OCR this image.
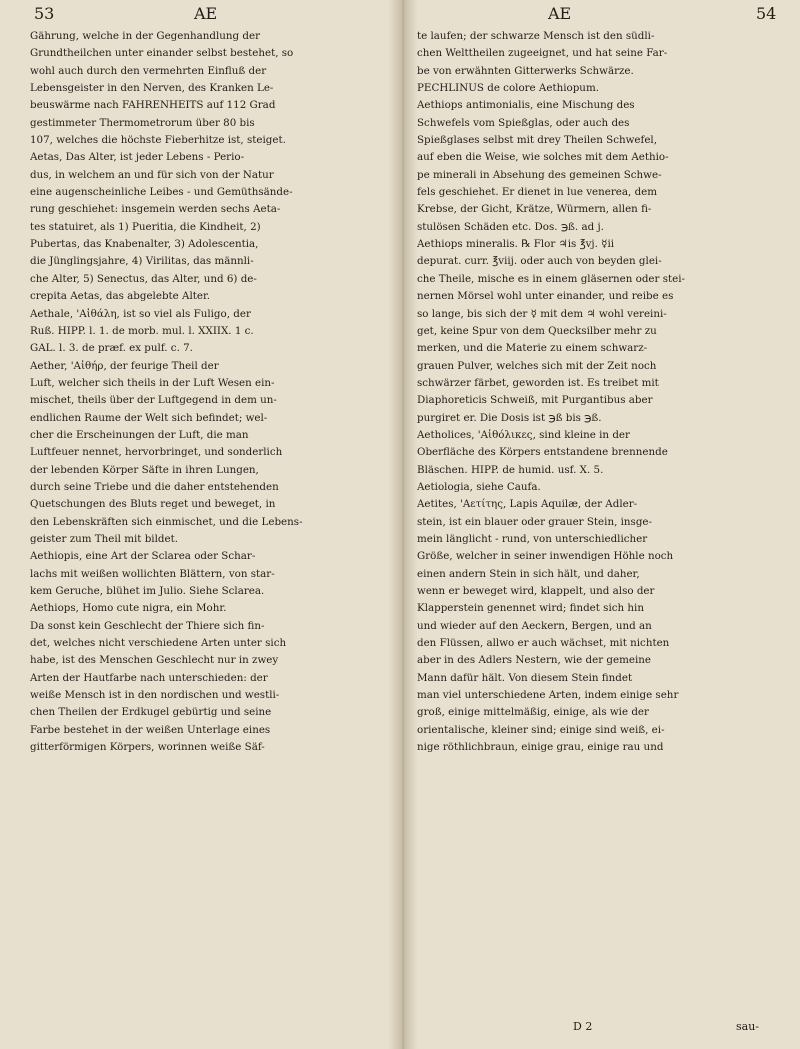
53	AE	AE	54
Gährung, welche in der Gegenhandlung der
Grundtheilchen unter einander selbst bestehet, so
wohl auch durch den vermehrten Einfluß der
Lebensgeister in den Nerven, des Kranken Le-
beuswärme nach FAHRENHEITS auf 112 Grad
gestimmeter Thermometrorum über 80 bis
107, welches die höchste Fieberhitze ist, steiget.
Aetas, Das Alter, ist jeder Lebens - Perio-
dus, in welchem an und für sich von der Natur
eine augenscheinliche Leibes - und Gemüthsände-
rung geschiehet: insgemein werden sechs Aeta-
tes statuiret, als 1) Pueritia, die Kindheit, 2)
Pubertas, das Knabenalter, 3) Adolescentia,
die Jünglingsjahre, 4) Virilitas, das männli-
che Alter, 5) Senectus, das Alter, und 6) de-
crepita Aetas, das abgelebte Alter.
Aethale, 'Aἰθάλη, ist so viel als Fuligo, der
Ruß. HIPP. l. 1. de morb. mul. l. XXIIX. 1 c.
GAL. l. 3. de præf. ex pulf. c. 7.
Aether, 'Aἰθήρ, der feurige Theil der
Luft, welcher sich theils in der Luft Wesen ein-
mischet, theils über der Luftgegend in dem un-
endlichen Raume der Welt sich befindet; wel-
cher die Erscheinungen der Luft, die man
Luftfeuer nennet, hervorbringet, und sonderlich
der lebenden Körper Säfte in ihren Lungen,
durch seine Triebe und die daher entstehenden
Quetschungen des Bluts reget und beweget, in
den Lebenskräften sich einmischet, und die Lebens-
geister zum Theil mit bildet.
Aethiopis, eine Art der Sclarea oder Schar-
lachs mit weißen wollichten Blättern, von star-
kem Geruche, blühet im Julio. Siehe Sclarea.
Aethiops, Homo cute nigra, ein Mohr.
Da sonst kein Geschlecht der Thiere sich fin-
det, welches nicht verschiedene Arten unter sich
habe, ist des Menschen Geschlecht nur in zwey
Arten der Hautfarbe nach unterschieden: der
weiße Mensch ist in den nordischen und westli-
chen Theilen der Erdkugel gebürtig und seine
Farbe bestehet in der weißen Unterlage eines
gitterförmigen Körpers, worinnen weiße Säf-
te laufen; der schwarze Mensch ist den südli-
chen Welttheilen zugeeignet, und hat seine Far-
be von erwähnten Gitterwerks Schwärze.
PECHLINUS de colore Aethiopum.
Aethiops antimonialis, eine Mischung des
Schwefels vom Spießglas, oder auch des
Spießglases selbst mit drey Theilen Schwefel,
auf eben die Weise, wie solches mit dem Aethio-
pe minerali in Absehung des gemeinen Schwe-
fels geschiehet. Er dienet in lue venerea, dem
Krebse, der Gicht, Krätze, Würmern, allen fi-
stulösen Schäden etc. Dos. ℈ß. ad j.
Aethiops mineralis. ℞ Flor ♃is ℥vj. ☿ii
depurat. curr. ℥viij. oder auch von beyden glei-
che Theile, mische es in einem gläsernen oder stei-
nernen Mörsel wohl unter einander, und reibe es
so lange, bis sich der ☿ mit dem ♃ wohl vereini-
get, keine Spur von dem Quecksilber mehr zu
merken, und die Materie zu einem schwarz-
grauen Pulver, welches sich mit der Zeit noch
schwärzer färbet, geworden ist. Es treibet mit
Diaphoreticis Schweiß, mit Purgantibus aber
purgiret er. Die Dosis ist ℈ß bis ℈ß.
Aetholices, 'Aἰθόλικες, sind kleine in der
Oberfläche des Körpers entstandene brennende
Bläschen. HIPP. de humid. usf. X. 5.
Aetiologia, siehe Caufa.
Aetites, 'Aετίτης, Lapis Aquilæ, der Adler-
stein, ist ein blauer oder grauer Stein, insge-
mein länglicht - rund, von unterschiedlicher
Größe, welcher in seiner inwendigen Höhle noch
einen andern Stein in sich hält, und daher,
wenn er beweget wird, klappelt, und also der
Klapperstein genennet wird; findet sich hin
und wieder auf den Aeckern, Bergen, und an
den Flüssen, allwo er auch wächset, mit nichten
aber in des Adlers Nestern, wie der gemeine
Mann dafür hält. Von diesem Stein findet
man viel unterschiedene Arten, indem einige sehr
groß, einige mittelmäßig, einige, als wie der
orientalische, kleiner sind; einige sind weiß, ei-
nige röthlichbraun, einige grau, einige rau und
D 2	sau-
